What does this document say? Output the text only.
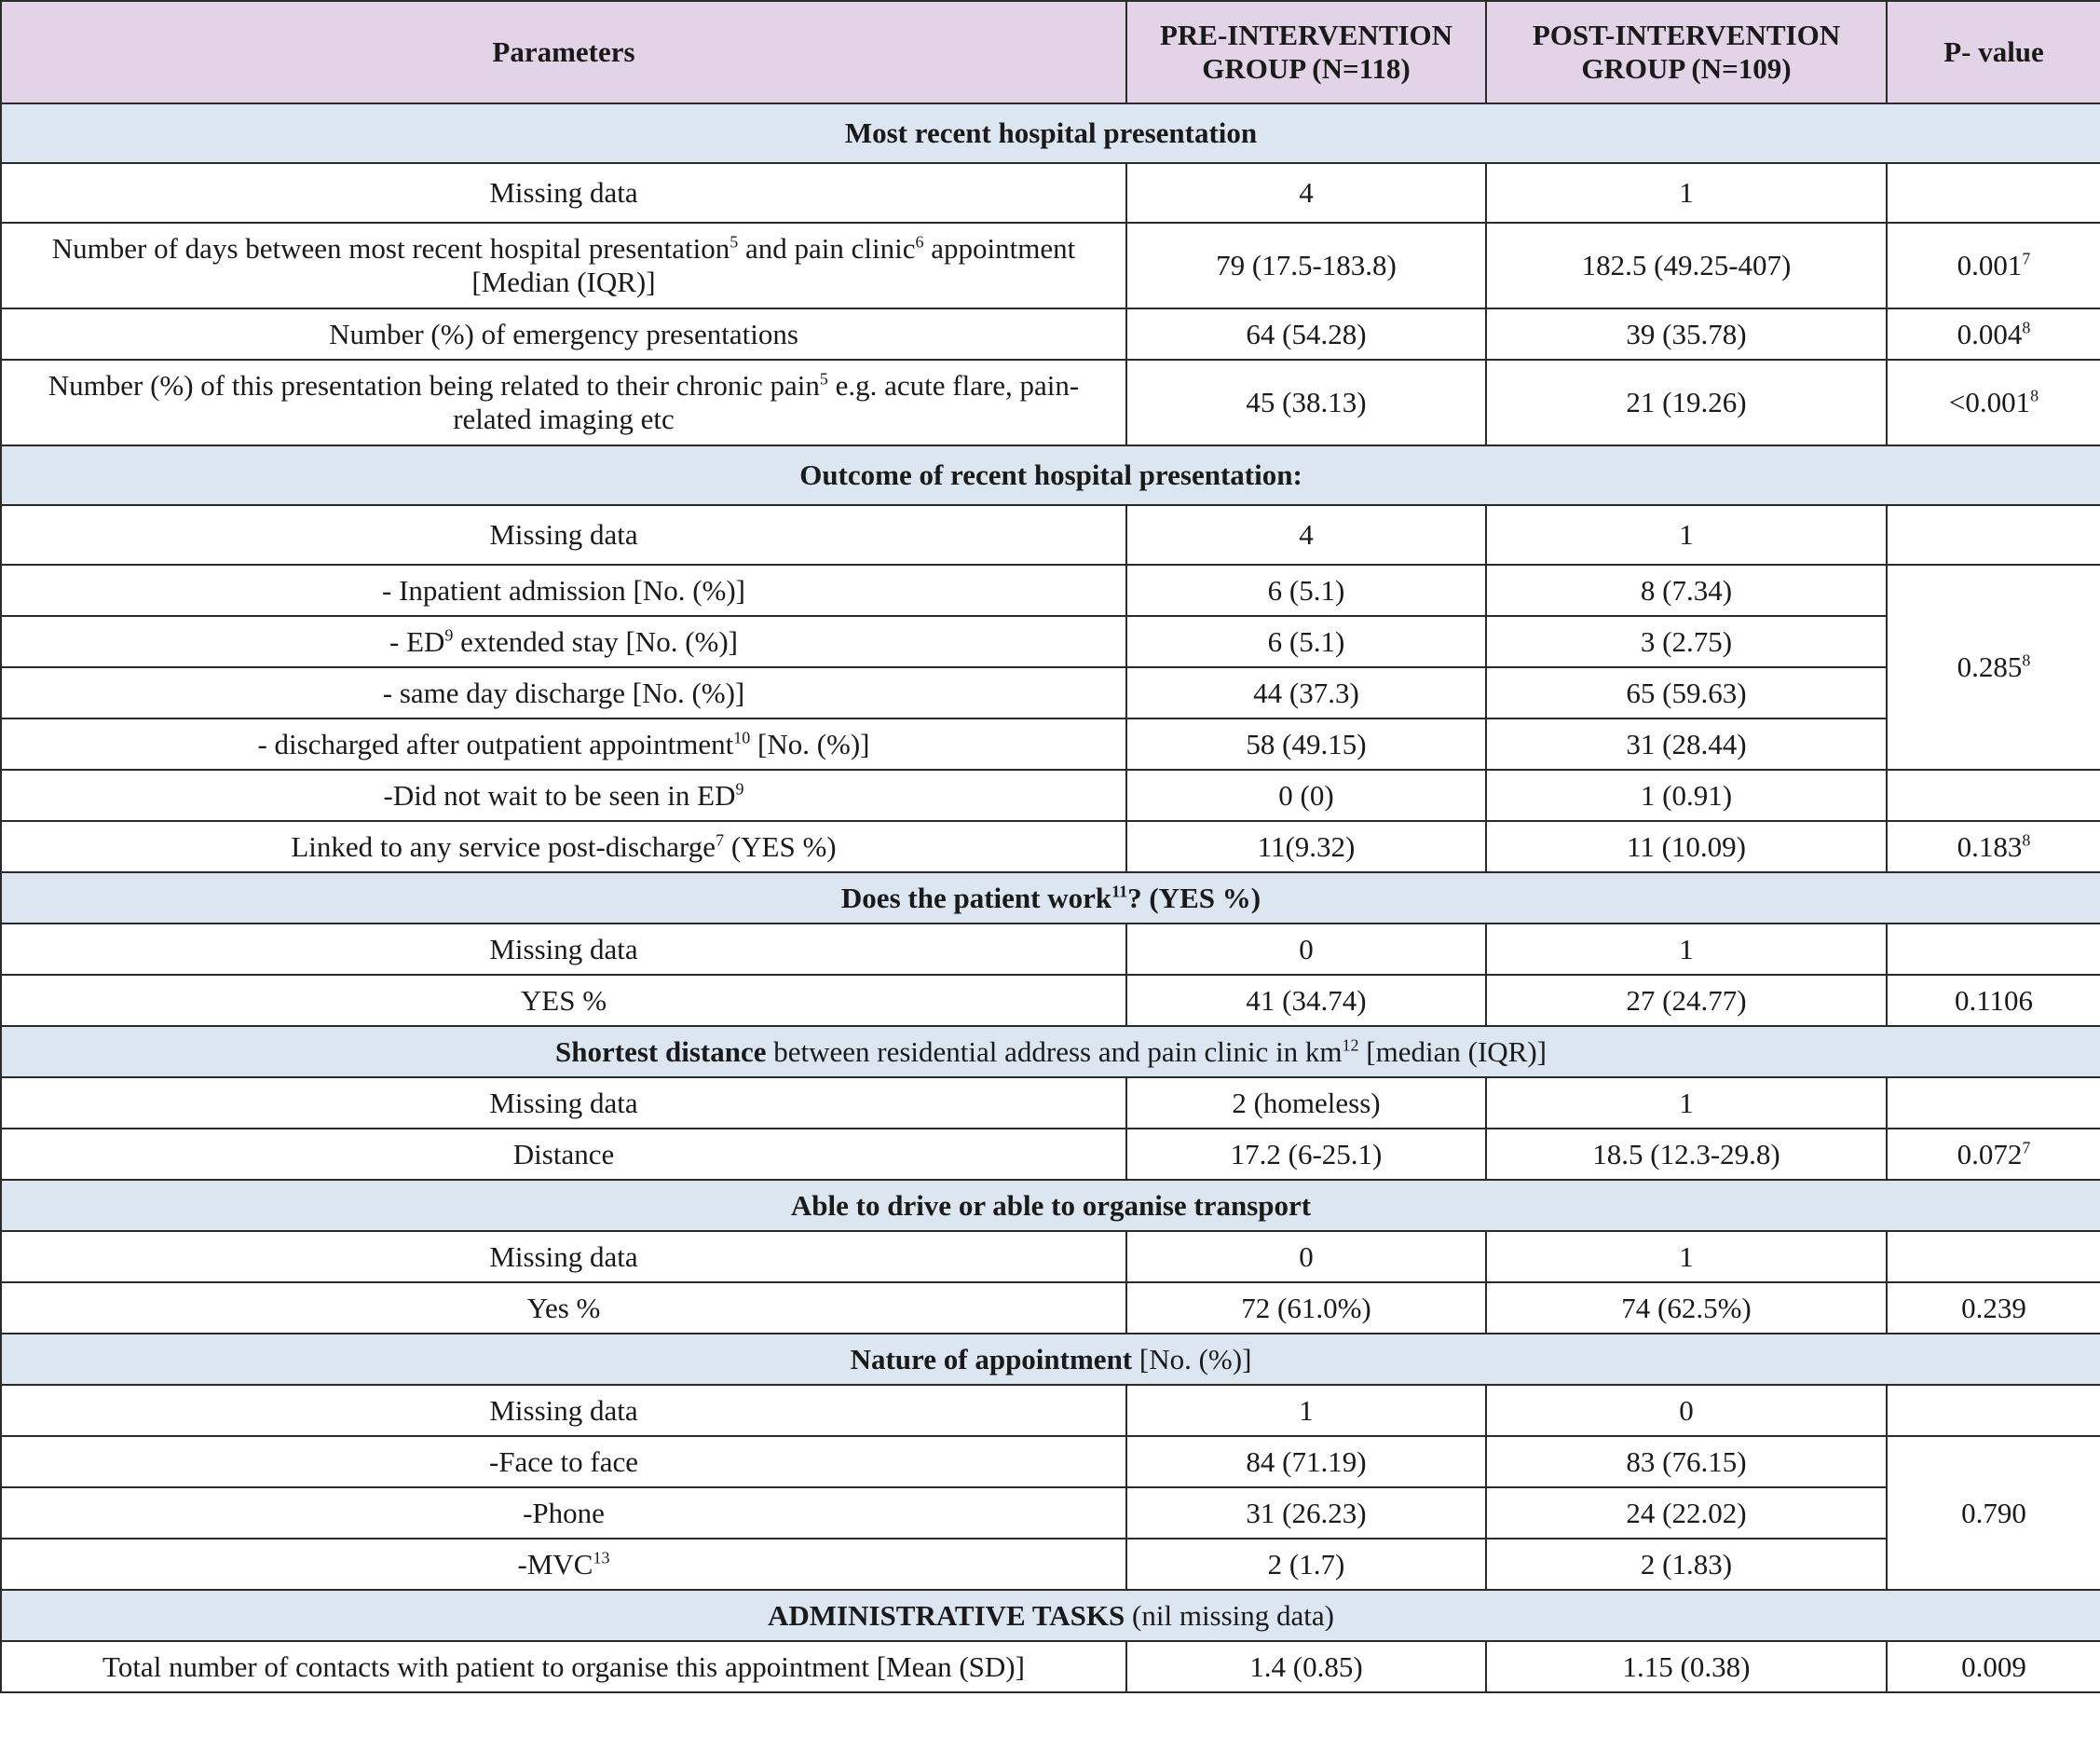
Parameters	PRE-INTERVENTION GROUP (N=118)	POST-INTERVENTION GROUP (N=109)	P- value
Most recent hospital presentation			
Missing data	4	1	
Number of days between most recent hospital presentation$^5$ and pain clinic$^6$ appointment [Median (IQR)]	79 (17.5-183.8)	182.5 (49.25-407)	0.001$^7$
Number (%) of emergency presentations	64 (54.28)	39 (35.78)	0.004$^8$
Number (%) of this presentation being related to their chronic pain$^5$ e.g. acute flare, pain-related imaging etc	45 (38.13)	21 (19.26)	$<0.001^8$
Outcome of recent hospital presentation:			
Missing data	4	1	
- Inpatient admission [No. (%)]	6 (5.1)	8 (7.34)	0.285$^8$
- $ED^9$ extended stay [No. (%)]	6 (5.1)	3 (2.75)	
- same day discharge [No. (%)]	44 (37.3)	65 (59.63)	
- discharged after outpatient appointment$^{10}$ [No. (%)]	58 (49.15)	31 (28.44)	
-Did not wait to be seen in $ED^9$	0 (0)	1 (0.91)	
Linked to any service post-discharge$^7$ (YES %)	11(9.32)	11 (10.09)	0.183$^8$
Does the patient work$^{11}$? (YES %)			
Missing data	0	1	
YES %	41 (34.74)	27 (24.77)	0.1106
Shortest distance between residential address and pain clinic in $km^{12}$ [median (IQR)]			
Missing data	2 (homeless)	1	
Distance	17.2 (6-25.1)	18.5 (12.3-29.8)	0.072$^7$
Able to drive or able to organise transport			
Missing data	0	1	
Yes %	72 (61.0%)	74 (62.5%)	0.239
Nature of appointment [No. (%)]			
Missing data	1	0	
-Face to face	84 (71.19)	83 (76.15)	0.790
-Phone	31 (26.23)	24 (22.02)	
-MVC$^{13}$	2 (1.7)	2 (1.83)	
ADMINISTRATIVE TASKS (nil missing data)			
Total number of contacts with patient to organise this appointment [Mean (SD)]	1.4 (0.85)	1.15 (0.38)	0.009
